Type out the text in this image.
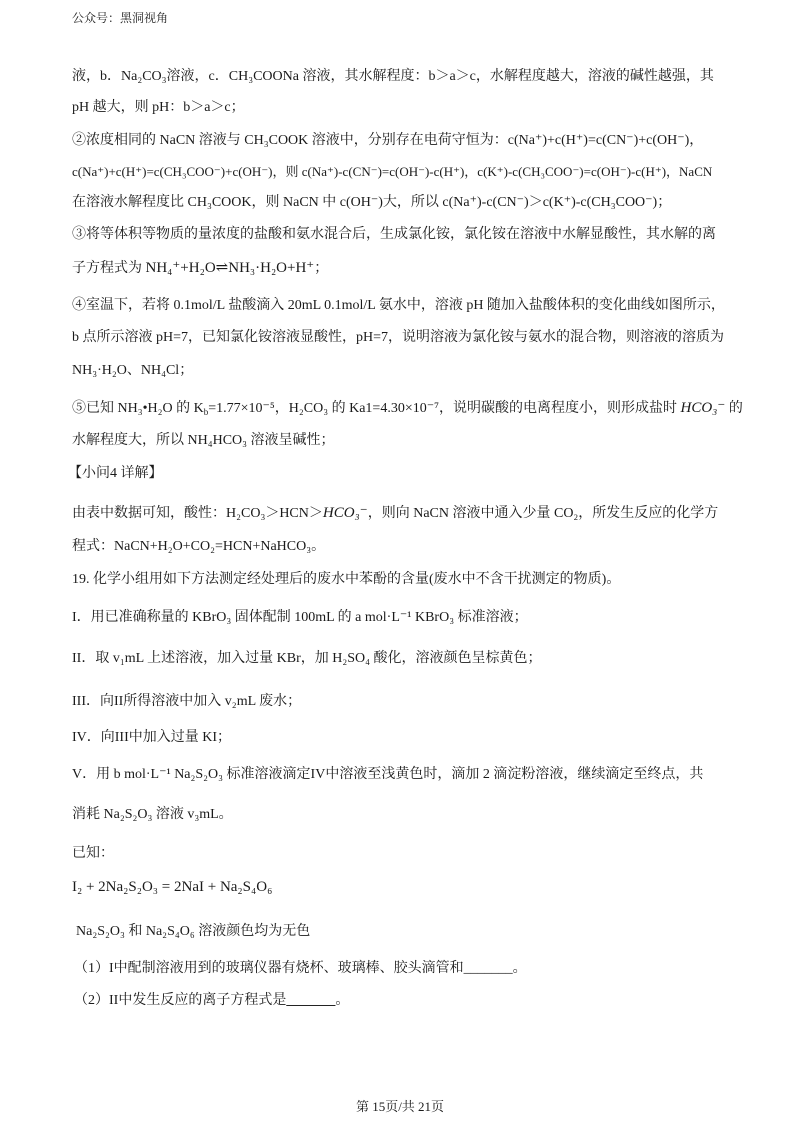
公众号：黑洞视角
液，b．Na₂CO₃溶液，c．CH₃COONa 溶液，其水解程度：b＞a＞c，水解程度越大，溶液的碱性越强，其
pH 越大，则 pH：b＞a＞c；
②浓度相同的 NaCN 溶液与 CH₃COOK 溶液中，分别存在电荷守恒为：c(Na⁺)+c(H⁺)=c(CN⁻)+c(OH⁻)，
c(Na⁺)+c(H⁺)=c(CH₃COO⁻)+c(OH⁻)，则 c(Na⁺)-c(CN⁻)=c(OH⁻)-c(H⁺)，c(K⁺)-c(CH₃COO⁻)=c(OH⁻)-c(H⁺)，NaCN
在溶液水解程度比 CH₃COOK，则 NaCN 中 c(OH⁻)大，所以 c(Na⁺)-c(CN⁻)＞c(K⁺)-c(CH₃COO⁻)；
③将等体积等物质的量浓度的盐酸和氨水混合后，生成氯化铵，氯化铵在溶液中水解显酸性，其水解的离
子方程式为 NH₄⁺+H₂O⇌NH₃·H₂O+H⁺；
④室温下，若将 0.1mol/L 盐酸滴入 20mL 0.1mol/L 氨水中，溶液 pH 随加入盐酸体积的变化曲线如图所示，
b 点所示溶液 pH=7，已知氯化铵溶液显酸性，pH=7，说明溶液为氯化铵与氨水的混合物，则溶液的溶质为
NH₃·H₂O、NH₄Cl；
⑤已知 NH₃•H₂O 的 $K_b=1.77\times 10^{-5}$，H₂CO₃ 的 Ka1=4.30×10⁻⁷，说明碳酸的电离程度小，则形成盐时 HCO₃⁻ 的
水解程度大，所以 NH₄HCO₃ 溶液呈碱性；
【小问4 详解】
由表中数据可知，酸性：H₂CO₃＞HCN＞HCO₃⁻，则向 NaCN 溶液中通入少量 CO₂，所发生反应的化学方
程式：NaCN+H₂O+CO₂=HCN+NaHCO₃。
19. 化学小组用如下方法测定经处理后的废水中苯酚的含量(废水中不含干扰测定的物质)。
I．用已准确称量的 KBrO₃ 固体配制 100mL 的 a mol·L⁻¹ KBrO₃ 标准溶液；
II．取 v₁mL 上述溶液，加入过量 KBr，加 H₂SO₄ 酸化，溶液颜色呈棕黄色；
III．向II所得溶液中加入 v₂mL 废水；
IV．向III中加入过量 KI；
V．用 b mol·L⁻¹ Na₂S₂O₃ 标准溶液滴定IV中溶液至浅黄色时，滴加 2 滴淀粉溶液，继续滴定至终点，共
消耗 Na₂S₂O₃ 溶液 v₃mL。
已知：
I₂ + 2Na₂S₂O₃ = 2NaI + Na₂S₄O₆
Na₂S₂O₃ 和 Na₂S₄O₆ 溶液颜色均为无色
（1）I中配制溶液用到的玻璃仪器有烧杯、玻璃棒、胶头滴管和_______。
（2）II中发生反应的离子方程式是_______。
第 15页/共 21页
